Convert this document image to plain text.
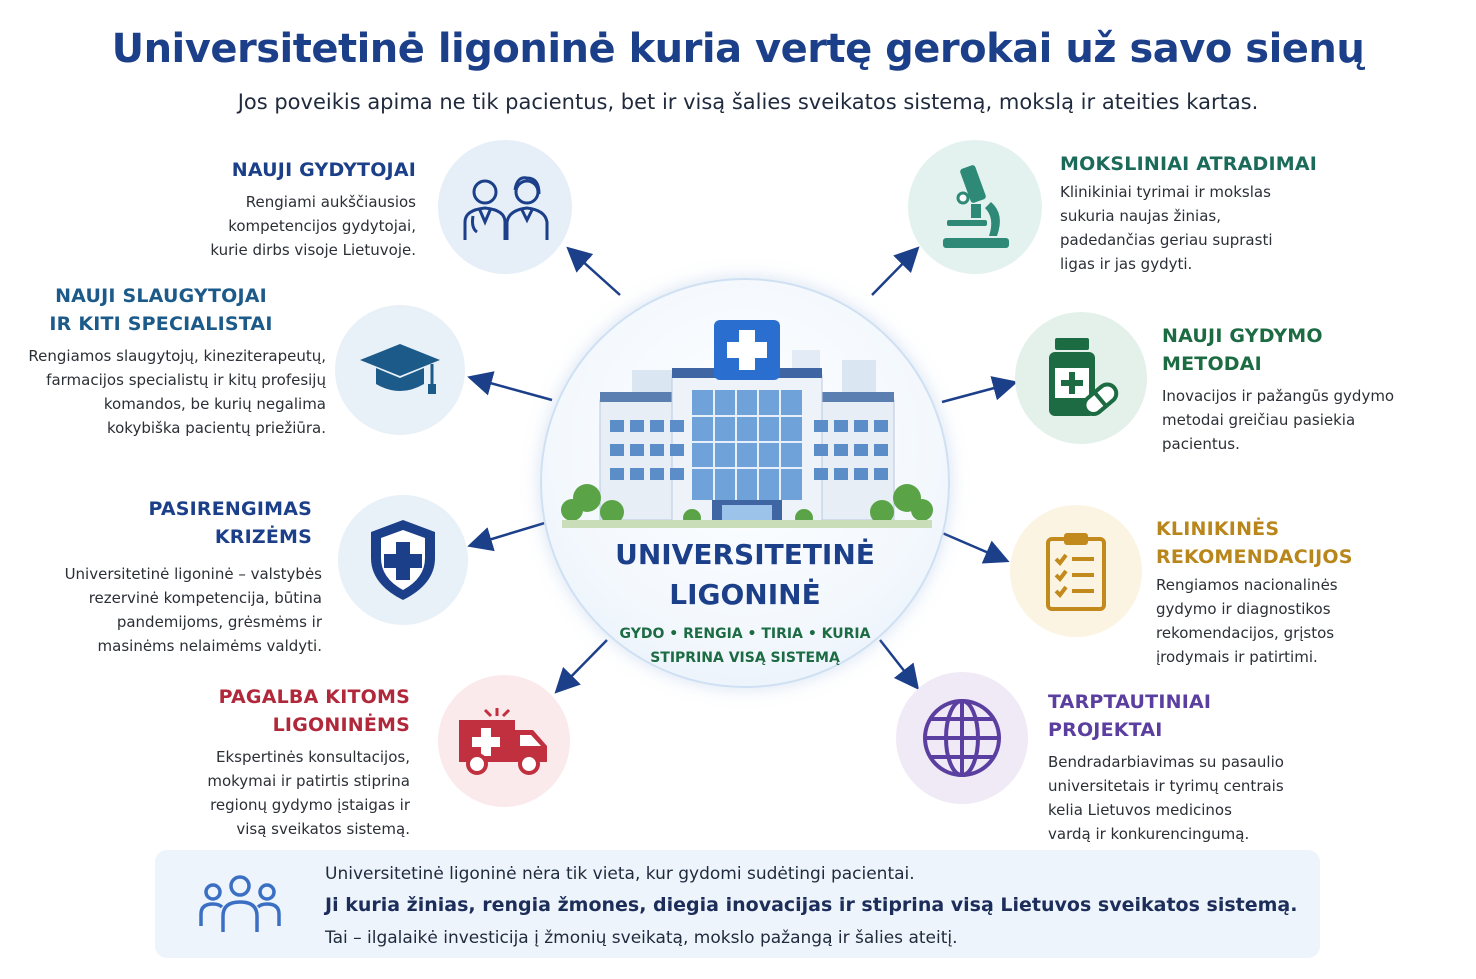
Universitetinė ligoninė kuria vertę gerokai už savo sienų
Jos poveikis apima ne tik pacientus, bet ir visą šalies sveikatos sistemą, mokslą ir ateities kartas.
UNIVERSITETINĖ
LIGONINĖ
GYDO • RENGIA • TIRIA • KURIA
STIPRINA VISĄ SISTEMĄ
NAUJI GYDYTOJAI
Rengiami aukščiausios
kompetencijos gydytojai,
kurie dirbs visoje Lietuvoje.
NAUJI SLAUGYTOJAI
IR KITI SPECIALISTAI
Rengiamos slaugytojų, kineziterapeutų,
farmacijos specialistų ir kitų profesijų
komandos, be kurių negalima
kokybiška pacientų priežiūra.
PASIRENGIMAS
KRIZĖMS
Universitetinė ligoninė – valstybės
rezervinė kompetencija, būtina
pandemijoms, grėsmėms ir
masinėms nelaimėms valdyti.
PAGALBA KITOMS
LIGONINĖMS
Ekspertinės konsultacijos,
mokymai ir patirtis stiprina
regionų gydymo įstaigas ir
visą sveikatos sistemą.
MOKSLINIAI ATRADIMAI
Klinikiniai tyrimai ir mokslas
sukuria naujas žinias,
padedančias geriau suprasti
ligas ir jas gydyti.
NAUJI GYDYMO
METODAI
Inovacijos ir pažangūs gydymo
metodai greičiau pasiekia
pacientus.
KLINIKINĖS
REKOMENDACIJOS
Rengiamos nacionalinės
gydymo ir diagnostikos
rekomendacijos, grįstos
įrodymais ir patirtimi.
TARPTAUTINIAI
PROJEKTAI
Bendradarbiavimas su pasaulio
universitetais ir tyrimų centrais
kelia Lietuvos medicinos
vardą ir konkurencingumą.
Universitetinė ligoninė nėra tik vieta, kur gydomi sudėtingi pacientai.
Ji kuria žinias, rengia žmones, diegia inovacijas ir stiprina visą Lietuvos sveikatos sistemą.
Tai – ilgalaikė investicija į žmonių sveikatą, mokslo pažangą ir šalies ateitį.
